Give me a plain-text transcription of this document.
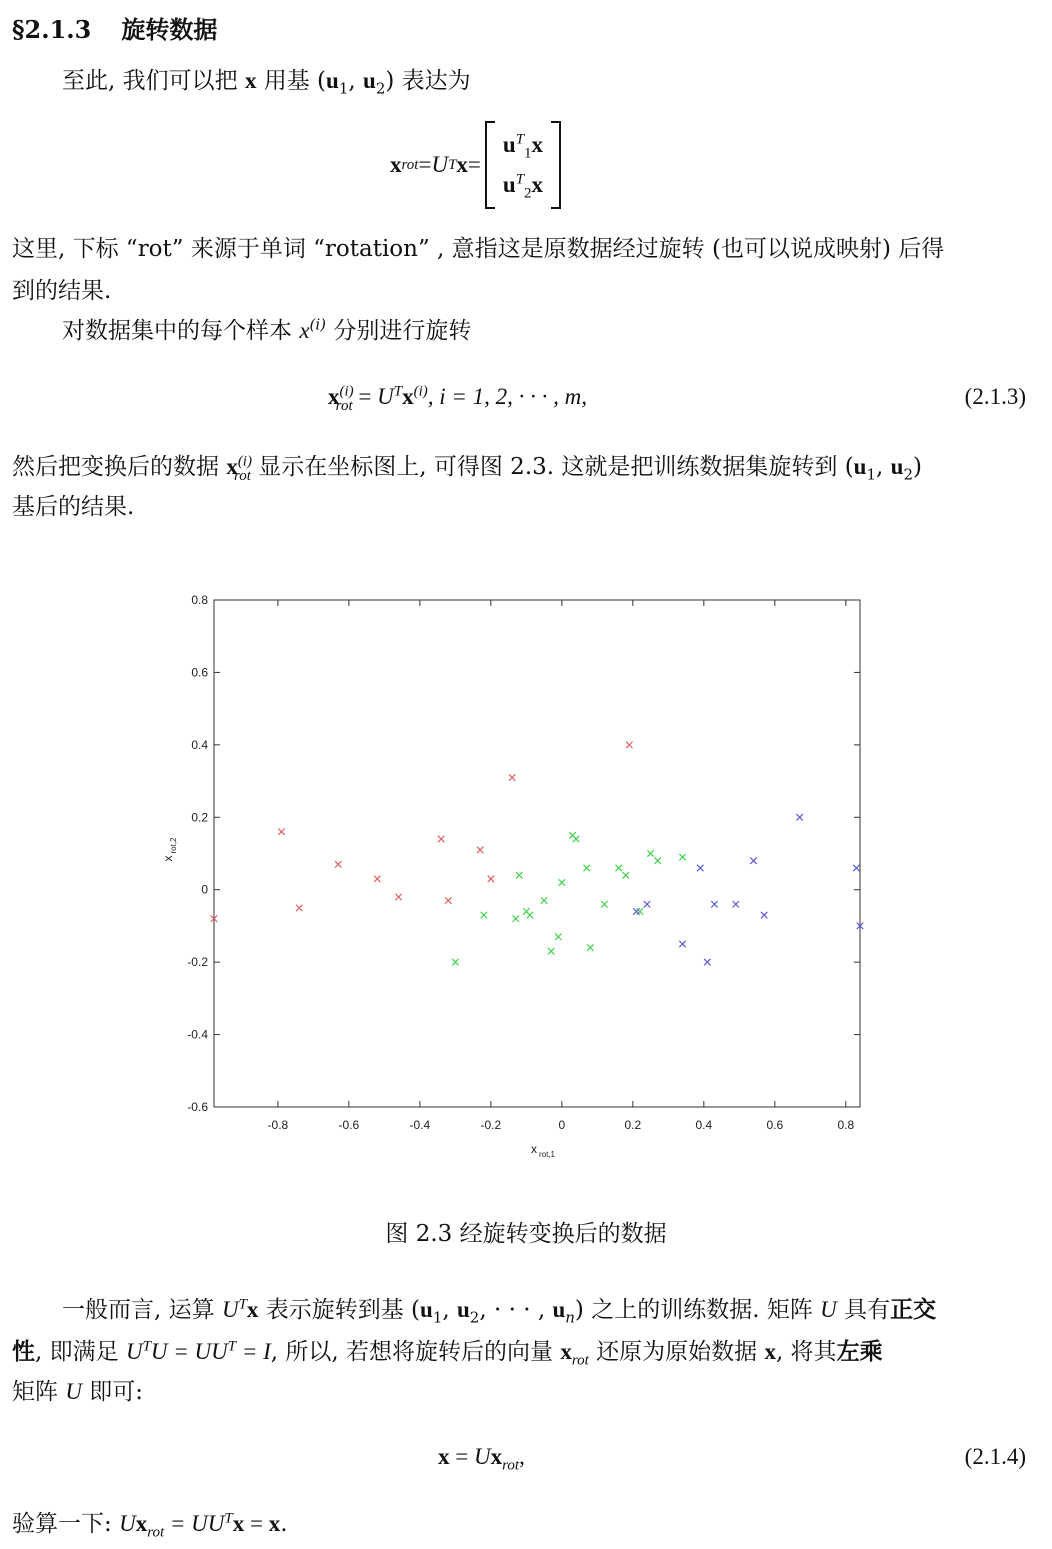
§2.1.3 旋转数据
至此, 我们可以把 x 用基 ($u_1$, $u_2$) 表达为
x rot = U T x =
$u^T_1x$
$u^T_2x$
这里, 下标 “rot” 来源于单词 “rotation” , 意指这是原数据经过旋转 (也可以说成映射) 后得
到的结果.
对数据集中的每个样本 $x^{(i)}$ 分别进行旋转
$x^{(i)}_{rot} = U^Tx^{(i)}$, i = 1, 2, · · · , m,	(2.1.3)
然后把变换后的数据 $x^{(i)}_{rot}$ 显示在坐标图上, 可得图 2.3. 这就是把训练数据集旋转到 ($u_1$, $u_2$)
基后的结果.
-0.8	-0.6	-0.4	-0.2	0	0.2	0.4	0.6	0.8
0.8
0.6
0.4
0.2
0
-0.2
-0.4
-0.6
x rot,1
x
rot,2
图 2.3 经旋转变换后的数据
一般而言, 运算 $U^Tx$ 表示旋转到基 ($u_1$, $u_2$, · · · , $u_n$) 之上的训练数据. 矩阵 U 具有正交
性, 即满足 $U^TU = UU^T = I$, 所以, 若想将旋转后的向量 $x_{rot}$ 还原为原始数据 x, 将其左乘
矩阵 U 即可:
$x = Ux_{rot}$,	(2.1.4)
验算一下: $Ux_{rot} = UU^Tx = x$.
